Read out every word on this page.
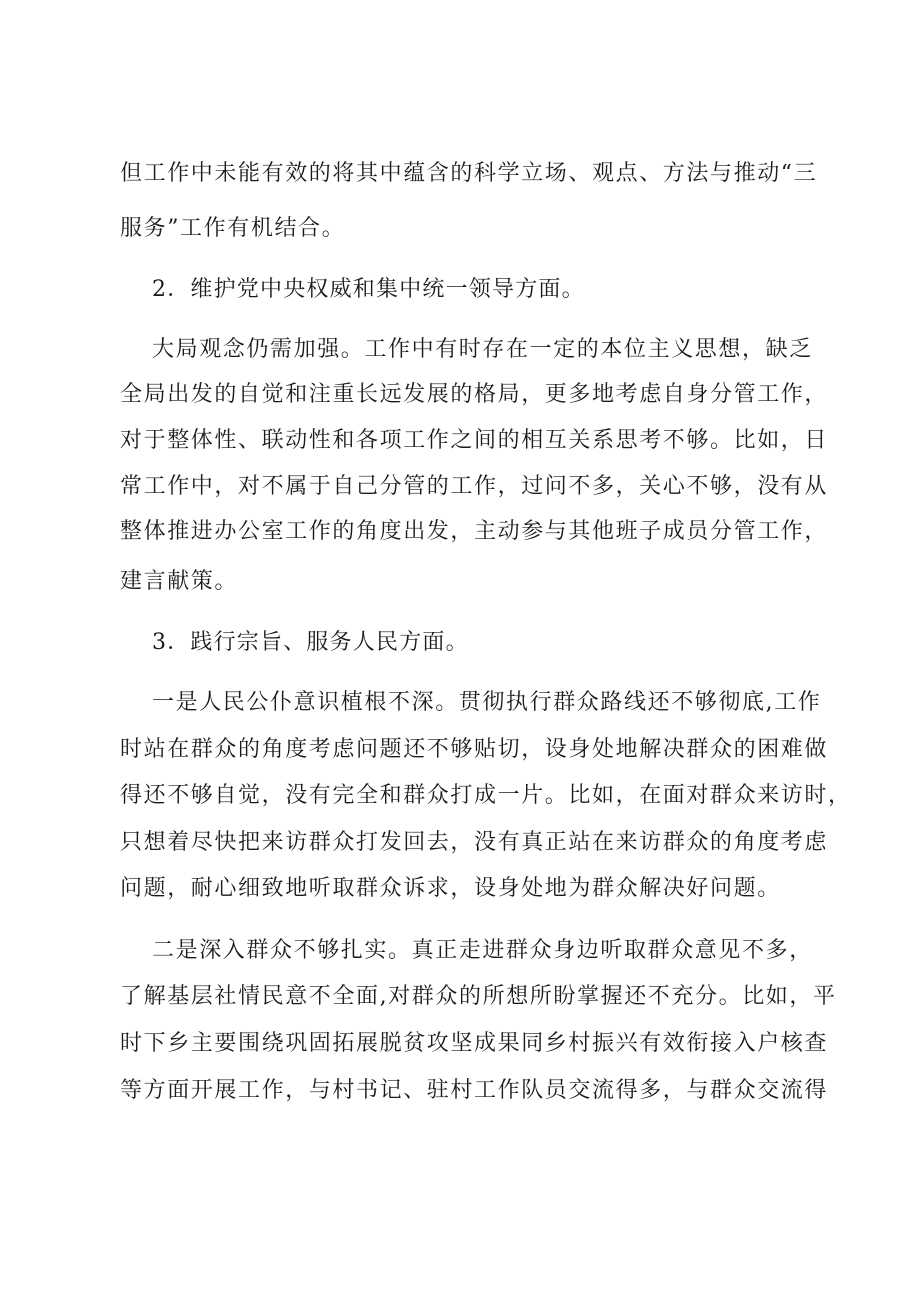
但工作中未能有效的将其中蕴含的科学立场、观点、方法与推动“三
服务”工作有机结合。
2．维护党中央权威和集中统一领导方面。
大局观念仍需加强。工作中有时存在一定的本位主义思想，缺乏
全局出发的自觉和注重长远发展的格局，更多地考虑自身分管工作，
对于整体性、联动性和各项工作之间的相互关系思考不够。比如，日
常工作中，对不属于自己分管的工作，过问不多，关心不够，没有从
整体推进办公室工作的角度出发，主动参与其他班子成员分管工作，
建言献策。
3．践行宗旨、服务人民方面。
一是人民公仆意识植根不深。贯彻执行群众路线还不够彻底,工作
时站在群众的角度考虑问题还不够贴切，设身处地解决群众的困难做
得还不够自觉，没有完全和群众打成一片。比如，在面对群众来访时，
只想着尽快把来访群众打发回去，没有真正站在来访群众的角度考虑
问题，耐心细致地听取群众诉求，设身处地为群众解决好问题。
二是深入群众不够扎实。真正走进群众身边听取群众意见不多，
了解基层社情民意不全面,对群众的所想所盼掌握还不充分。比如，平
时下乡主要围绕巩固拓展脱贫攻坚成果同乡村振兴有效衔接入户核查
等方面开展工作，与村书记、驻村工作队员交流得多，与群众交流得
